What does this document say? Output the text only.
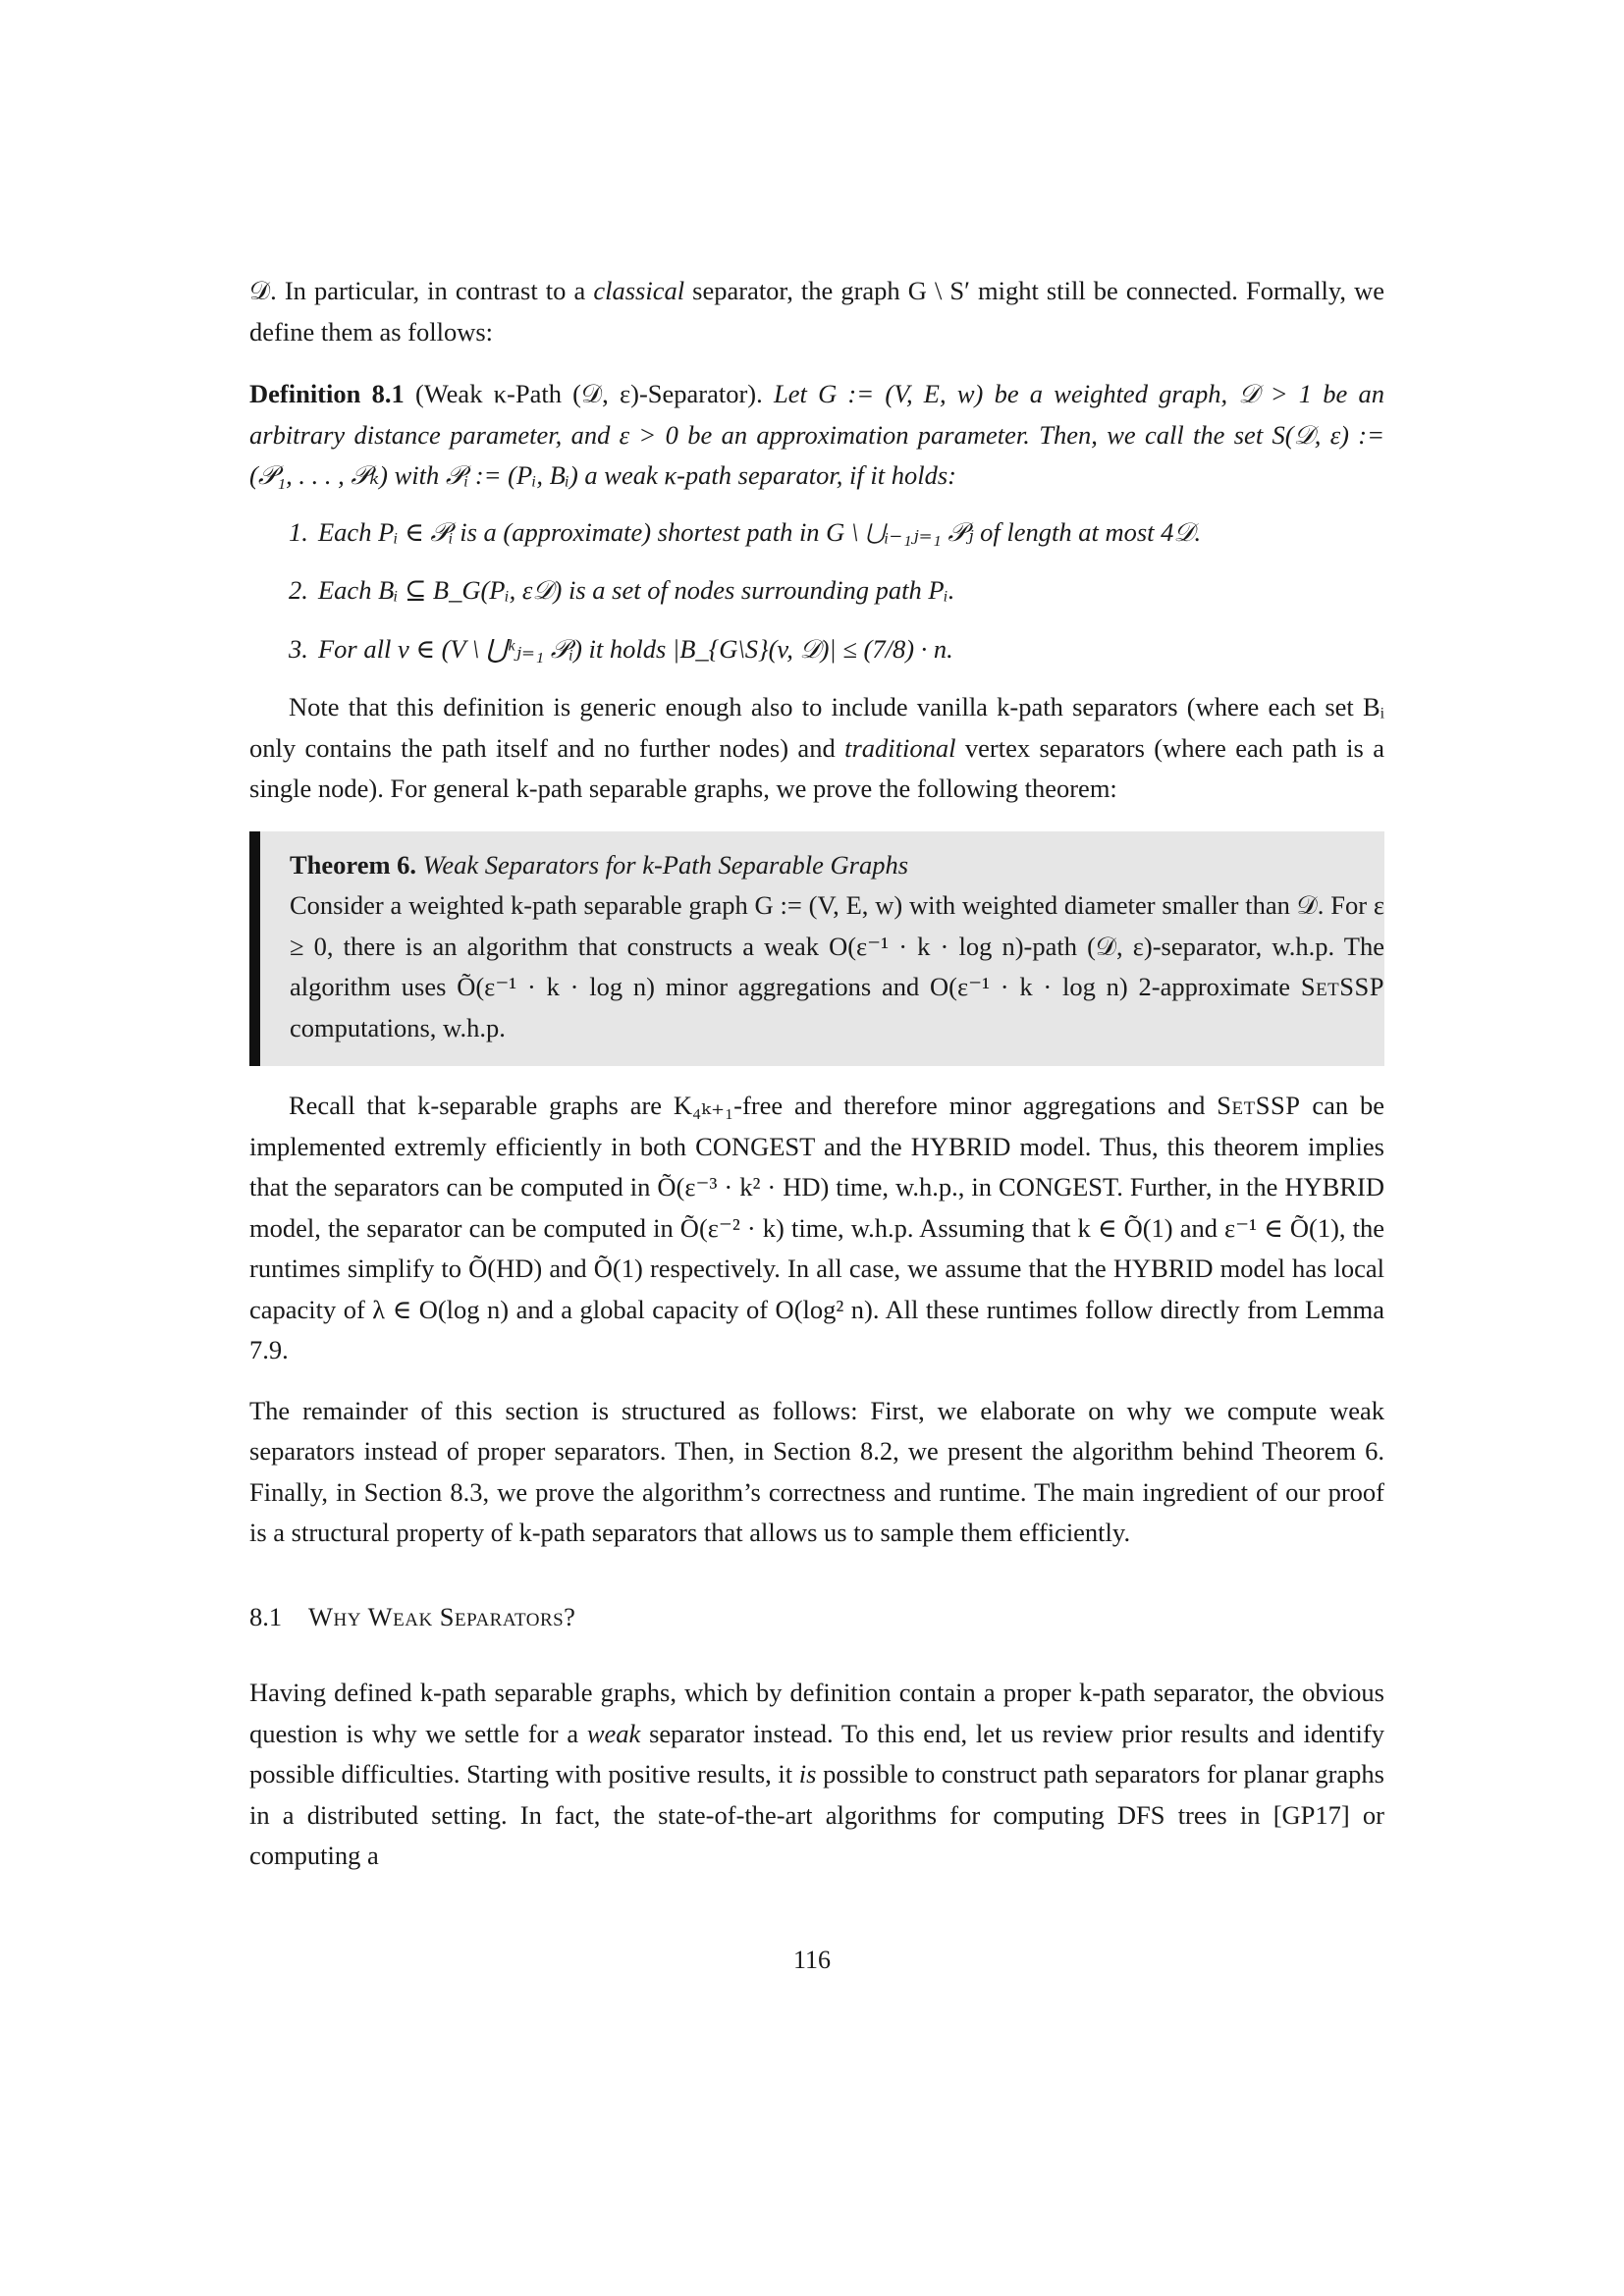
𝒟. In particular, in contrast to a classical separator, the graph G \ S′ might still be connected. Formally, we define them as follows:

Definition 8.1 (Weak κ-Path (𝒟, ε)-Separator). Let G := (V, E, w) be a weighted graph, 𝒟 > 1 be an arbitrary distance parameter, and ε > 0 be an approximation parameter. Then, we call the set S(𝒟, ε) := (𝒫₁, . . . , 𝒫ₖ) with 𝒫ᵢ := (Pᵢ, Bᵢ) a weak κ-path separator, if it holds:

1. Each Pᵢ ∈ 𝒫ᵢ is a (approximate) shortest path in G \ ⋃ᵢ₋₁ⱼ₌₁ 𝒫ⱼ of length at most 4𝒟.
2. Each Bᵢ ⊆ B_G(Pᵢ, ε𝒟) is a set of nodes surrounding path Pᵢ.
3. For all v ∈ (V \ ⋃ᵏⱼ₌₁ 𝒫ᵢ) it holds |B_{G\S}(v, 𝒟)| ≤ (7/8) · n.

Note that this definition is generic enough also to include vanilla k-path separators (where each set Bᵢ only contains the path itself and no further nodes) and traditional vertex separators (where each path is a single node). For general k-path separable graphs, we prove the following theorem:

Theorem 6. Weak Separators for k-Path Separable Graphs

Consider a weighted k-path separable graph G := (V, E, w) with weighted diameter smaller than 𝒟. For ε ≥ 0, there is an algorithm that constructs a weak O(ε⁻¹ · k · log n)-path (𝒟, ε)-separator, w.h.p. The algorithm uses Õ(ε⁻¹ · k · log n) minor aggregations and O(ε⁻¹ · k · log n) 2-approximate SetSSP computations, w.h.p.

Recall that k-separable graphs are K₄ₖ₊₁-free and therefore minor aggregations and SetSSP can be implemented extremly efficiently in both CONGEST and the HYBRID model. Thus, this theorem implies that the separators can be computed in Õ(ε⁻³ · k² · HD) time, w.h.p., in CONGEST. Further, in the HYBRID model, the separator can be computed in Õ(ε⁻² · k) time, w.h.p. Assuming that k ∈ Õ(1) and ε⁻¹ ∈ Õ(1), the runtimes simplify to Õ(HD) and Õ(1) respectively. In all case, we assume that the HYBRID model has local capacity of λ ∈ O(log n) and a global capacity of O(log² n). All these runtimes follow directly from Lemma 7.9.

The remainder of this section is structured as follows: First, we elaborate on why we compute weak separators instead of proper separators. Then, in Section 8.2, we present the algorithm behind Theorem 6. Finally, in Section 8.3, we prove the algorithm’s correctness and runtime. The main ingredient of our proof is a structural property of k-path separators that allows us to sample them efficiently.

8.1 Why Weak Separators?

Having defined k-path separable graphs, which by definition contain a proper k-path separator, the obvious question is why we settle for a weak separator instead. To this end, let us review prior results and identify possible difficulties. Starting with positive results, it is possible to construct path separators for planar graphs in a distributed setting. In fact, the state-of-the-art algorithms for computing DFS trees in [GP17] or computing a

116
